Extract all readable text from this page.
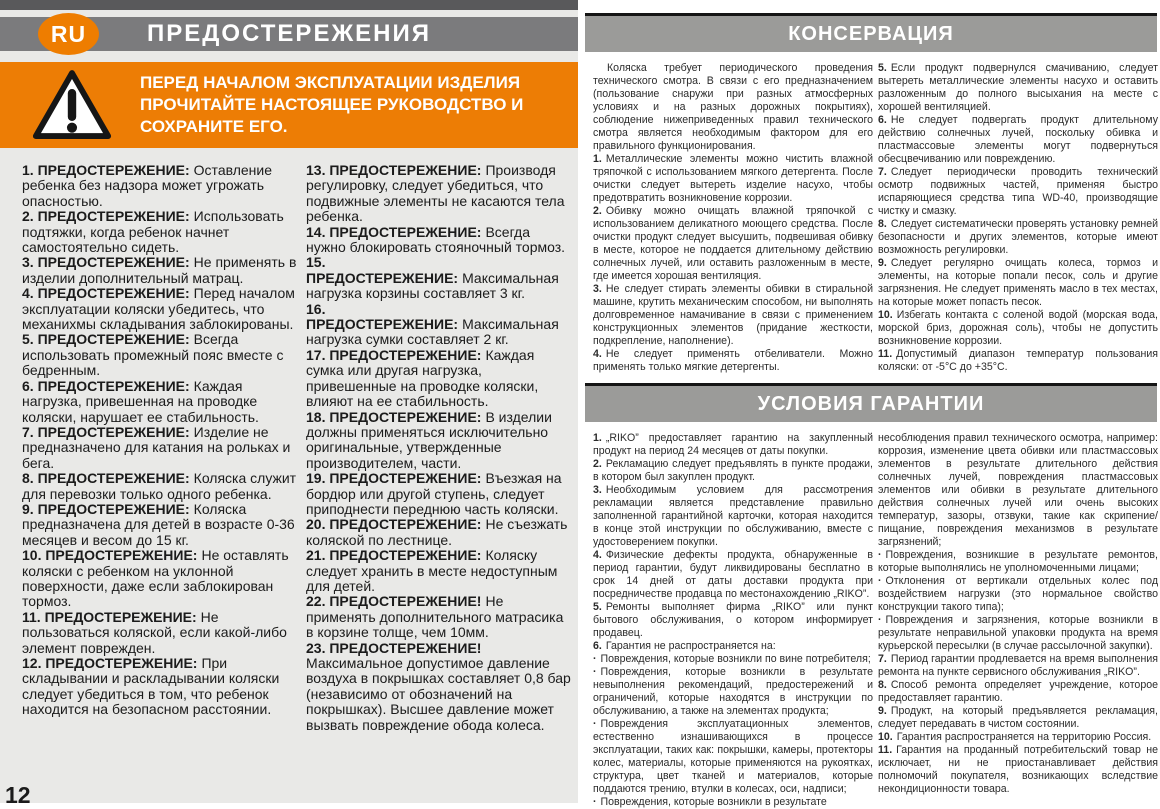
RU	ПРЕДОСТЕРЕЖЕНИЯ
ПЕРЕД НАЧАЛОМ ЭКСПЛУАТАЦИИ ИЗДЕЛИЯ ПРОЧИТАЙТЕ НАСТОЯЩЕЕ РУКОВОДСТВО И СОХРАНИТЕ ЕГО.

1. ПРЕДОСТЕРЕЖЕНИЕ: Оставление ребенка без надзора может угрожать опасностью.

2. ПРЕДОСТЕРЕЖЕНИЕ: Использовать подтяжки, когда ребенок начнет самостоятельно сидеть.

3. ПРЕДОСТЕРЕЖЕНИЕ: Не применять в изделии дополнительный матрац.

4. ПРЕДОСТЕРЕЖЕНИЕ: Перед началом эксплуатации коляски убедитесь, что механихмы складывания заблокированы.

5. ПРЕДОСТЕРЕЖЕНИЕ: Всегда использовать промежный пояс вместе с бедренным.

6. ПРЕДОСТЕРЕЖЕНИЕ: Каждая нагрузка, привешенная на проводке коляски, нарушает ее стабильность.

7. ПРЕДОСТЕРЕЖЕНИЕ: Изделие не предназначено для катания на рольках и бега.

8. ПРЕДОСТЕРЕЖЕНИЕ: Коляска служит для перевозки только одного ребенка.

9. ПРЕДОСТЕРЕЖЕНИЕ: Коляска предназначена для детей в возрасте 0-36 месяцев и весом до 15 кг.

10. ПРЕДОСТЕРЕЖЕНИЕ: Не оставлять коляски с ребенком на уклонной поверхности, даже если заблокирован тормоз.

11. ПРЕДОСТЕРЕЖЕНИЕ: Не пользоваться коляской, если какой-либо элемент поврежден.

12. ПРЕДОСТЕРЕЖЕНИЕ: При складывании и раскладывании коляски следует убедиться в том, что ребенок находится на безопасном расстоянии.

13. ПРЕДОСТЕРЕЖЕНИЕ: Производя регулировку, следует убедиться, что подвижные элементы не касаются тела ребенка.

14. ПРЕДОСТЕРЕЖЕНИЕ: Всегда нужно блокировать стояночный тормоз.

15. ПРЕДОСТЕРЕЖЕНИЕ: Максимальная нагрузка корзины составляет 3 кг.

16. ПРЕДОСТЕРЕЖЕНИЕ: Максимальная нагрузка сумки составляет 2 кг.

17. ПРЕДОСТЕРЕЖЕНИЕ: Каждая сумка или другая нагрузка, привешенные на проводке коляски, влияют на ее стабильность.

18. ПРЕДОСТЕРЕЖЕНИЕ: В изделии должны применяться исключительно оригинальные, утвержденные производителем, части.

19. ПРЕДОСТЕРЕЖЕНИЕ: Въезжая на бордюр или другой ступень, следует приподнести переднюю часть коляски.

20. ПРЕДОСТЕРЕЖЕНИЕ: Не съезжать коляской по лестнице.

21. ПРЕДОСТЕРЕЖЕНИЕ: Коляску следует хранить в месте недоступным для детей.

22. ПРЕДОСТЕРЕЖЕНИЕ! Не применять дополнительного матрасика в корзине толще, чем 10мм.

23. ПРЕДОСТЕРЕЖЕНИЕ!Максимальное допустимое давление воздуха в покрышках составляет 0,8 бар (независимо от обозначений на покрышках). Высшее давление может вызвать повреждение обода колеса.

12
КОНСЕРВАЦИЯ

Коляска требует периодического проведения технического смотра. В связи с его предназначением (пользование снаружи при разных атмосферных условиях и на разных дорожных покрытиях), соблюдение нижеприведенных правил технического смотра является необходимым фактором для его правильного функционирования.

1. Металлические элементы можно чистить влажной тряпочкой с использованием мягкого детергента. После очистки следует вытереть изделие насухо, чтобы предотвратить возникновение коррозии.

2. Обивку можно очищать влажной тряпочкой с использованием деликатного моющего средства. После очистки продукт следует высушить, подвешивая обивку в месте, которое не поддается длительному действию солнечных лучей, или оставить разложенным в месте, где имеется хорошая вентиляция.

3. Не следует стирать элементы обивки в стиральной машине, крутить механическим способом, ни выполнять долговременное намачивание в связи с применением конструкционных элементов (придание жесткости, подкрепление, наполнение).

4. Не следует применять отбеливатели. Можно применять только мягкие детергенты.

5. Если продукт подвернулся смачиванию, следует вытереть металлические элементы насухо и оставить разложенным до полного высыхания на месте с хорошей вентиляцией.

6. Не следует подвергать продукт длительному действию солнечных лучей, поскольку обивка и пластмассовые элементы могут подвернуться обесцвечиванию или повреждению.

7. Следует периодически проводить технический осмотр подвижных частей, применяя быстро испаряющиеся средства типа WD-40, производящие чистку и смазку.

8. Следует систематически проверять установку ремней безопасности и других элементов, которые имеют возможность регулировки.

9. Следует регулярно очищать колеса, тормоз и элементы, на которые попали песок, соль и другие загрязнения. Не следует применять масло в тех местах, на которые может попасть песок.

10. Избегать контакта с соленой водой (морская вода, морской бриз, дорожная соль), чтобы не допустить возникновение коррозии.

11. Допустимый диапазон температур пользования коляски: от -5°С до +35°С.

УСЛОВИЯ ГАРАНТИИ

1. „RIKO” предоставляет гарантию на закупленный продукт на период 24 месяцев от даты покупки.

2. Рекламацию следует предъявлять в пункте продажи, в котором был закуплен продукт.

3. Необходимым условием для рассмотрения рекламации является представление правильно заполненной гарантийной карточки, которая находится в конце этой инструкции по обслуживанию, вместе с удостоверением покупки.

4. Физические дефекты продукта, обнаруженные в период гарантии, будут ликвидированы бесплатно в срок 14 дней от даты доставки продукта при посредничестве продавца по местонахождению „RIKO”.

5. Ремонты выполняет фирма „RIKO” или пункт бытового обслуживания, о котором информирует продавец.

6. Гарантия не распространяется на:

· Повреждения, которые возникли по вине потребителя;

· Повреждения, которые возникли в результате невыполнения рекомендаций, предостережений и ограничений, которые находятся в инструкции по обслуживанию, а также на элементах продукта;

· Повреждения эксплуатационных элементов, естественно изнашивающихся в процессе эксплуатации, таких как: покрышки, камеры, протекторы колес, материалы, которые применяются на рукоятках, структура, цвет тканей и материалов, которые поддаются трению, втулки в колесах, оси, надписи;

· Повреждения, которые возникли в результате

несоблюдения правил технического осмотра, например: коррозия, изменение цвета обивки или пластмассовых элементов в результате длительного действия солнечных лучей, повреждения пластмассовых элементов или обивки в результате длительного действия солнечных лучей или очень высоких температур, зазоры, отзвуки, такие как скрипение/ пищание, повреждения механизмов в результате загрязнений;

· Повреждения, возникшие в результате ремонтов, которые выполнялись не уполномоченными лицами;

· Отклонения от вертикали отдельных колес под воздействием нагрузки (это нормальное свойство конструкции такого типа);

· Повреждения и загрязнения, которые возникли в результате неправильной упаковки продукта на время курьерской пересылки (в случае рассылочной закупки).

7. Период гарантии продлевается на время выполнения ремонта на пункте сервисного обслуживания „RIKO”.

8. Способ ремонта определяет учреждение, которое предоставляет гарантию.

9. Продукт, на который предъявляется рекламация, следует передавать в чистом состоянии.

10. Гарантия распространяется на территорию Россия.

11. Гарантия на проданный потребительский товар не исключает, ни не приостанавливает действия полномочий покупателя, возникающих вследствие некондиционности товара.
